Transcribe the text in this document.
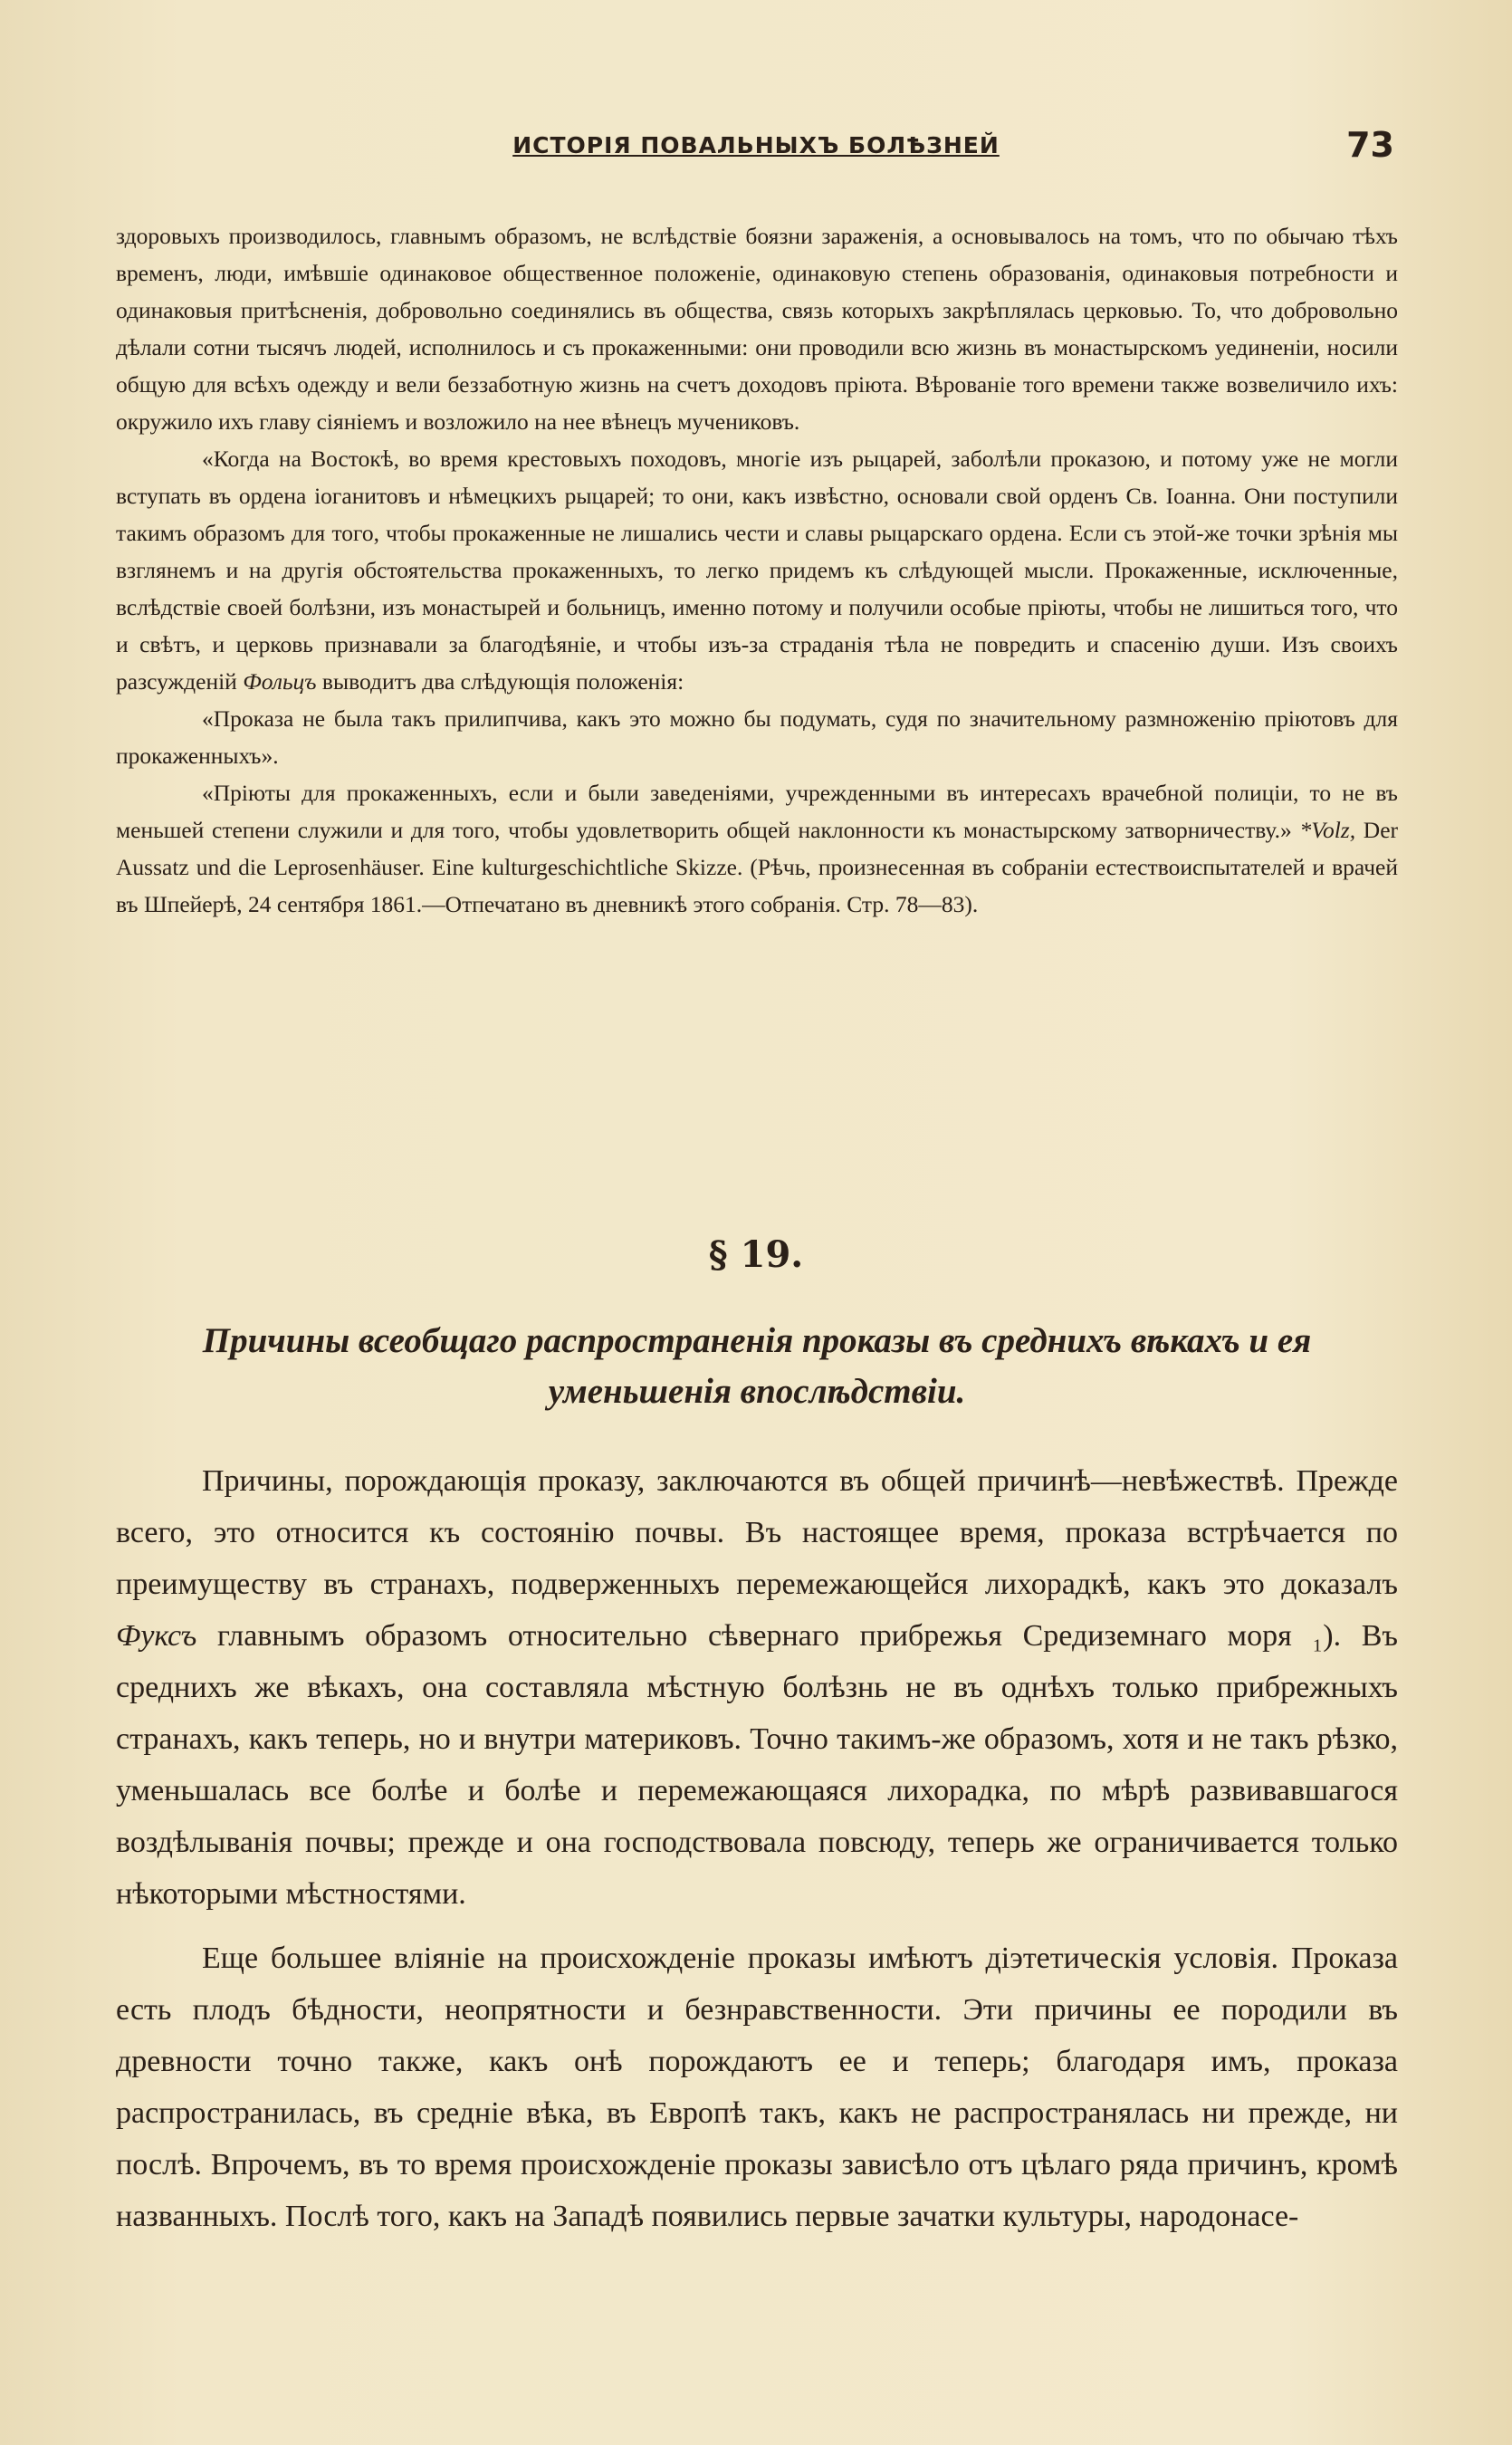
ИСТОРІЯ ПОВАЛЬНЫХЪ БОЛѢЗНЕЙ	73

здоровыхъ производилось, главнымъ образомъ, не вслѣдствіе боязни зараженія, а основывалось на томъ, что по обычаю тѣхъ временъ, люди, имѣвшіе одинаковое общественное положеніе, одинаковую степень образованія, одинаковыя потребности и одинаковыя притѣсненія, добровольно соединялись въ общества, связь которыхъ закрѣплялась церковью. То, что добровольно дѣлали сотни тысячъ людей, исполнилось и съ прокаженными: они проводили всю жизнь въ монастырскомъ уединеніи, носили общую для всѣхъ одежду и вели беззаботную жизнь на счетъ доходовъ пріюта. Вѣрованіе того времени также возвеличило ихъ: окружило ихъ главу сіяніемъ и возложило на нее вѣнецъ мучениковъ.

«Когда на Востокѣ, во время крестовыхъ походовъ, многіе изъ рыцарей, заболѣли проказою, и потому уже не могли вступать въ ордена іоганитовъ и нѣмецкихъ рыцарей; то они, какъ извѣстно, основали свой орденъ Св. Іоанна. Они поступили такимъ образомъ для того, чтобы прокаженные не лишались чести и славы рыцарскаго ордена. Если съ этой-же точки зрѣнія мы взглянемъ и на другія обстоятельства прокаженныхъ, то легко придемъ къ слѣдующей мысли. Прокаженные, исключенные, вслѣдствіе своей болѣзни, изъ монастырей и больницъ, именно потому и получили особые пріюты, чтобы не лишиться того, что и свѣтъ, и церковь признавали за благодѣяніе, и чтобы изъ-за страданія тѣла не повредить и спасенію души. Изъ своихъ разсужденій Фольцъ выводитъ два слѣдующія положенія:

«Проказа не была такъ прилипчива, какъ это можно бы подумать, судя по значительному размноженію пріютовъ для прокаженныхъ».

«Пріюты для прокаженныхъ, если и были заведеніями, учрежденными въ интересахъ врачебной полиціи, то не въ меньшей степени служили и для того, чтобы удовлетворить общей наклонности къ монастырскому затворничеству.» *Volz, Der Aussatz und die Leprosenhäuser. Eine kulturgeschichtliche Skizze. (Рѣчь, произнесенная въ собраніи естествоиспытателей и врачей въ Шпейерѣ, 24 сентября 1861.—Отпечатано въ дневникѣ этого собранія. Стр. 78—83).

§ 19.
Причины всеобщаго распространенія проказы въ среднихъ вѣкахъ и ея уменьшенія впослѣдствіи.

Причины, порождающія проказу, заключаются въ общей причинѣ—невѣжествѣ. Прежде всего, это относится къ состоянію почвы. Въ настоящее время, проказа встрѣчается по преимуществу въ странахъ, подверженныхъ перемежающейся лихорадкѣ, какъ это доказалъ Фуксъ главнымъ образомъ относительно сѣвернаго прибрежья Средиземнаго моря ₁). Въ среднихъ же вѣкахъ, она составляла мѣстную болѣзнь не въ однѣхъ только прибрежныхъ странахъ, какъ теперь, но и внутри материковъ. Точно такимъ-же образомъ, хотя и не такъ рѣзко, уменьшалась все болѣе и болѣе и перемежающаяся лихорадка, по мѣрѣ развивавшагося воздѣлыванія почвы; прежде и она господствовала повсюду, теперь же ограничивается только нѣкоторыми мѣстностями.

Еще большее вліяніе на происхожденіе проказы имѣютъ діэтетическія условія. Проказа есть плодъ бѣдности, неопрятности и безнравственности. Эти причины ее породили въ древности точно также, какъ онѣ порождаютъ ее и теперь; благодаря имъ, проказа распространилась, въ средніе вѣка, въ Европѣ такъ, какъ не распространялась ни прежде, ни послѣ. Впрочемъ, въ то время происхожденіе проказы зависѣло отъ цѣлаго ряда причинъ, кромѣ названныхъ. Послѣ того, какъ на Западѣ появились первые зачатки культуры, народонасе-
